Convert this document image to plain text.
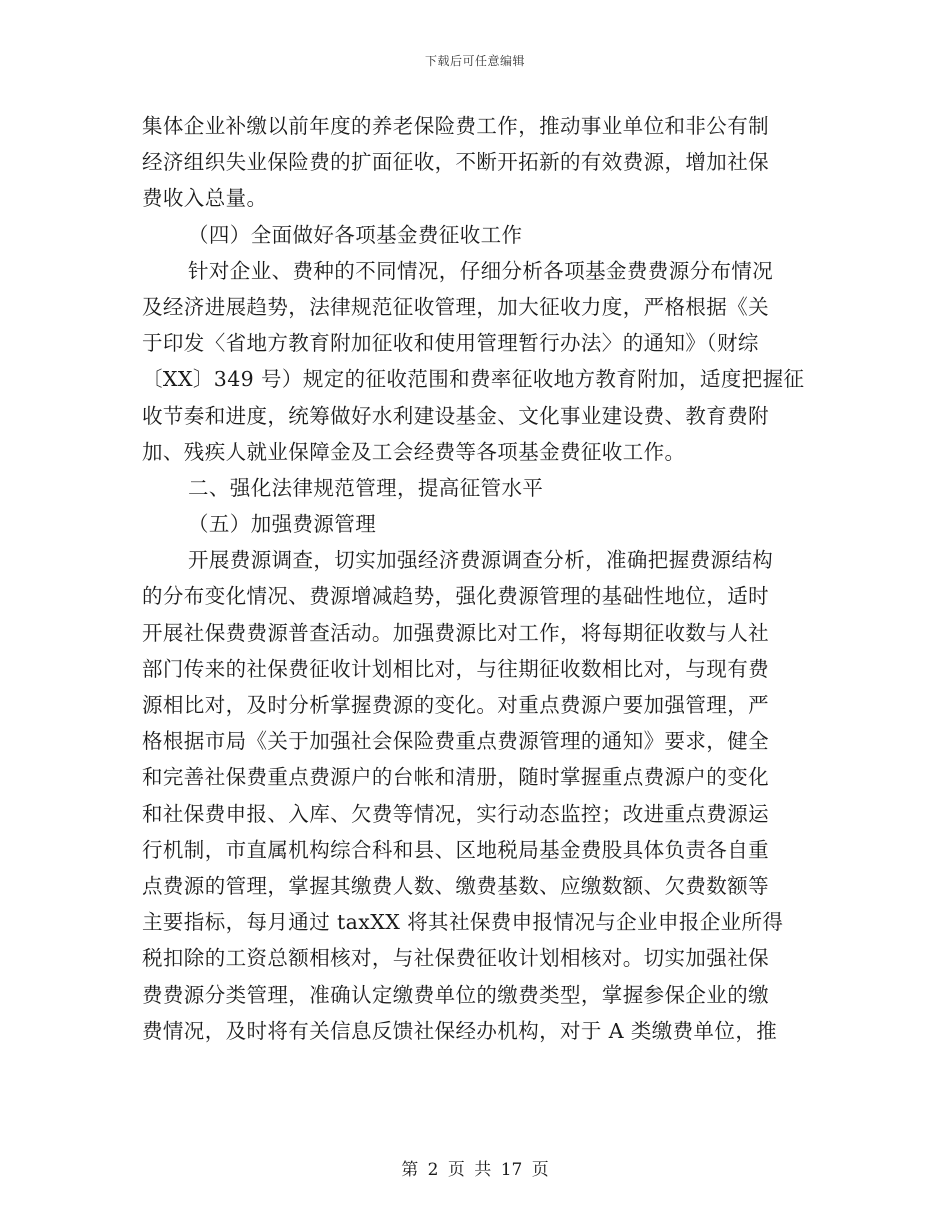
下载后可任意编辑
集体企业补缴以前年度的养老保险费工作，推动事业单位和非公有制
经济组织失业保险费的扩面征收，不断开拓新的有效费源，增加社保
费收入总量。
（四）全面做好各项基金费征收工作
针对企业、费种的不同情况，仔细分析各项基金费费源分布情况
及经济进展趋势，法律规范征收管理，加大征收力度，严格根据《关
于印发〈省地方教育附加征收和使用管理暂行办法〉的通知》（财综
〔XX〕349 号）规定的征收范围和费率征收地方教育附加，适度把握征
收节奏和进度，统筹做好水利建设基金、文化事业建设费、教育费附
加、残疾人就业保障金及工会经费等各项基金费征收工作。
二、强化法律规范管理，提高征管水平
（五）加强费源管理
开展费源调查，切实加强经济费源调查分析，准确把握费源结构
的分布变化情况、费源增减趋势，强化费源管理的基础性地位，适时
开展社保费费源普查活动。加强费源比对工作，将每期征收数与人社
部门传来的社保费征收计划相比对，与往期征收数相比对，与现有费
源相比对，及时分析掌握费源的变化。对重点费源户要加强管理，严
格根据市局《关于加强社会保险费重点费源管理的通知》要求，健全
和完善社保费重点费源户的台帐和清册，随时掌握重点费源户的变化
和社保费申报、入库、欠费等情况，实行动态监控；改进重点费源运
行机制，市直属机构综合科和县、区地税局基金费股具体负责各自重
点费源的管理，掌握其缴费人数、缴费基数、应缴数额、欠费数额等
主要指标，每月通过 taxXX 将其社保费申报情况与企业申报企业所得
税扣除的工资总额相核对，与社保费征收计划相核对。切实加强社保
费费源分类管理，准确认定缴费单位的缴费类型，掌握参保企业的缴
费情况，及时将有关信息反馈社保经办机构，对于 A 类缴费单位，推
第 2 页 共 17 页
